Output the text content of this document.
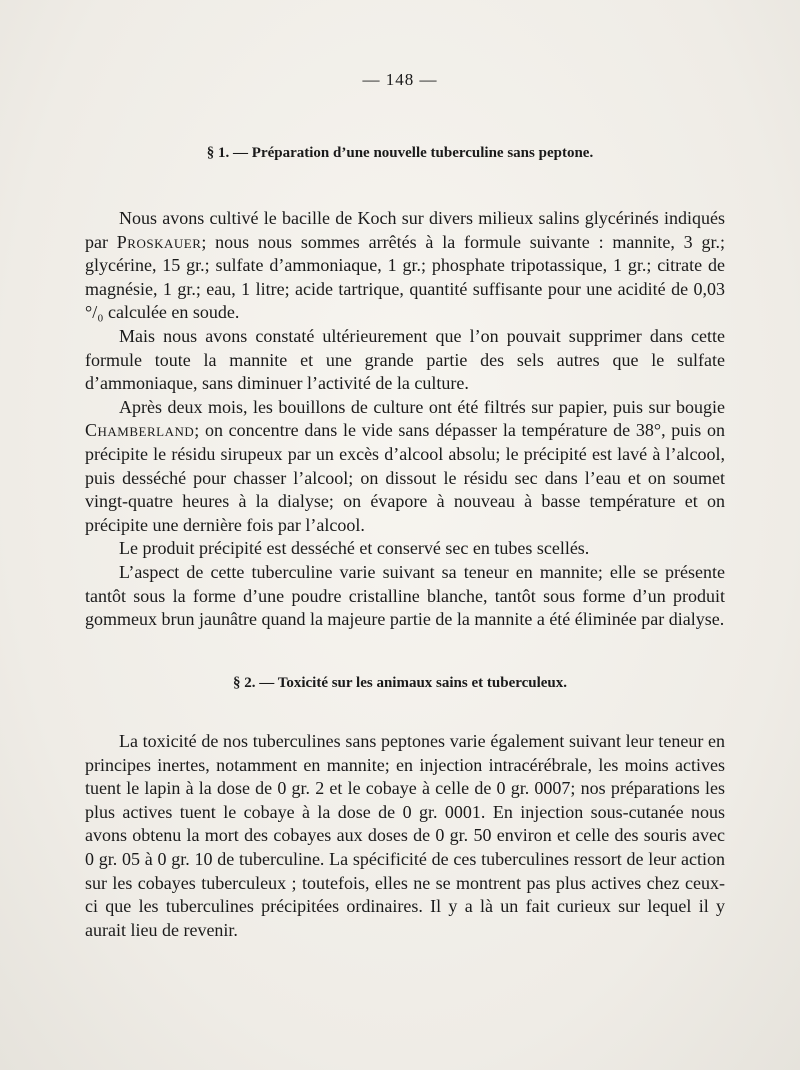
— 148 —
§ 1. — Préparation d’une nouvelle tuberculine sans peptone.

Nous avons cultivé le bacille de Koch sur divers milieux salins glycérinés indiqués par Proskauer; nous nous sommes arrêtés à la formule suivante : mannite, 3 gr.; glycérine, 15 gr.; sulfate d’ammoniaque, 1 gr.; phosphate tripotassique, 1 gr.; citrate de magnésie, 1 gr.; eau, 1 litre; acide tartrique, quantité suffisante pour une acidité de 0,03 °/₀ calculée en soude.

Mais nous avons constaté ultérieurement que l’on pouvait supprimer dans cette formule toute la mannite et une grande partie des sels autres que le sulfate d’ammoniaque, sans diminuer l’activité de la culture.

Après deux mois, les bouillons de culture ont été filtrés sur papier, puis sur bougie Chamberland; on concentre dans le vide sans dépasser la température de 38°, puis on précipite le résidu sirupeux par un excès d’alcool absolu; le précipité est lavé à l’alcool, puis desséché pour chasser l’alcool; on dissout le résidu sec dans l’eau et on soumet vingt-quatre heures à la dialyse; on évapore à nouveau à basse température et on précipite une dernière fois par l’alcool.

Le produit précipité est desséché et conservé sec en tubes scellés.

L’aspect de cette tuberculine varie suivant sa teneur en mannite; elle se présente tantôt sous la forme d’une poudre cristalline blanche, tantôt sous forme d’un produit gommeux brun jaunâtre quand la majeure partie de la mannite a été éliminée par dialyse.

§ 2. — Toxicité sur les animaux sains et tuberculeux.

La toxicité de nos tuberculines sans peptones varie également suivant leur teneur en principes inertes, notamment en mannite; en injection intracérébrale, les moins actives tuent le lapin à la dose de 0 gr. 2 et le cobaye à celle de 0 gr. 0007; nos préparations les plus actives tuent le cobaye à la dose de 0 gr. 0001. En injection sous-cutanée nous avons obtenu la mort des cobayes aux doses de 0 gr. 50 environ et celle des souris avec 0 gr. 05 à 0 gr. 10 de tuberculine. La spécificité de ces tuberculines ressort de leur action sur les cobayes tuberculeux ; toutefois, elles ne se montrent pas plus actives chez ceux-ci que les tuberculines précipitées ordinaires. Il y a là un fait curieux sur lequel il y aurait lieu de revenir.
